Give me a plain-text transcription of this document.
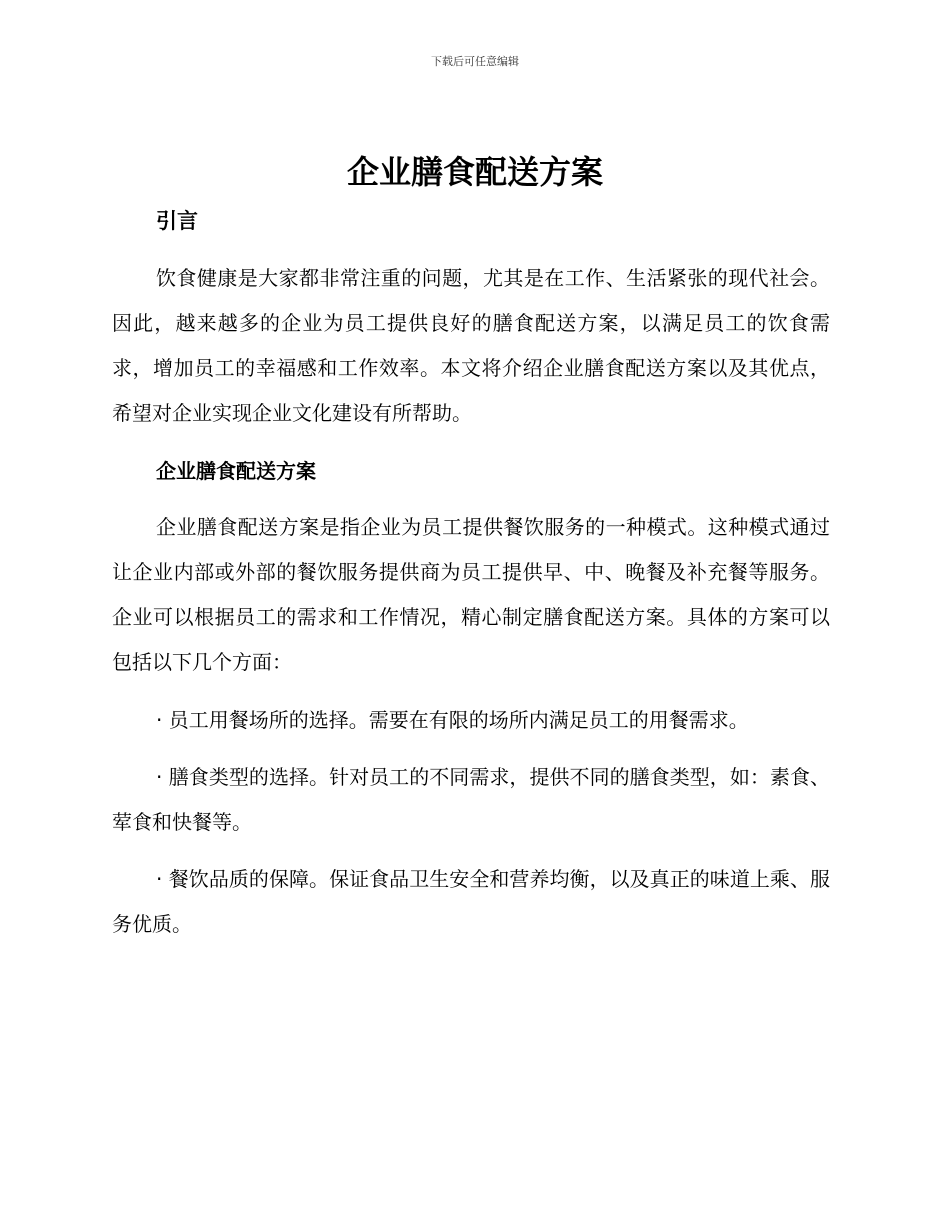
下载后可任意编辑
企业膳食配送方案
引言

饮食健康是大家都非常注重的问题，尤其是在工作、生活紧张的现代社会。因此，越来越多的企业为员工提供良好的膳食配送方案，以满足员工的饮食需求，增加员工的幸福感和工作效率。本文将介绍企业膳食配送方案以及其优点，希望对企业实现企业文化建设有所帮助。

企业膳食配送方案

企业膳食配送方案是指企业为员工提供餐饮服务的一种模式。这种模式通过让企业内部或外部的餐饮服务提供商为员工提供早、中、晚餐及补充餐等服务。企业可以根据员工的需求和工作情况，精心制定膳食配送方案。具体的方案可以包括以下几个方面：

· 员工用餐场所的选择。需要在有限的场所内满足员工的用餐需求。

· 膳食类型的选择。针对员工的不同需求，提供不同的膳食类型，如：素食、荤食和快餐等。

· 餐饮品质的保障。保证食品卫生安全和营养均衡，以及真正的味道上乘、服务优质。
